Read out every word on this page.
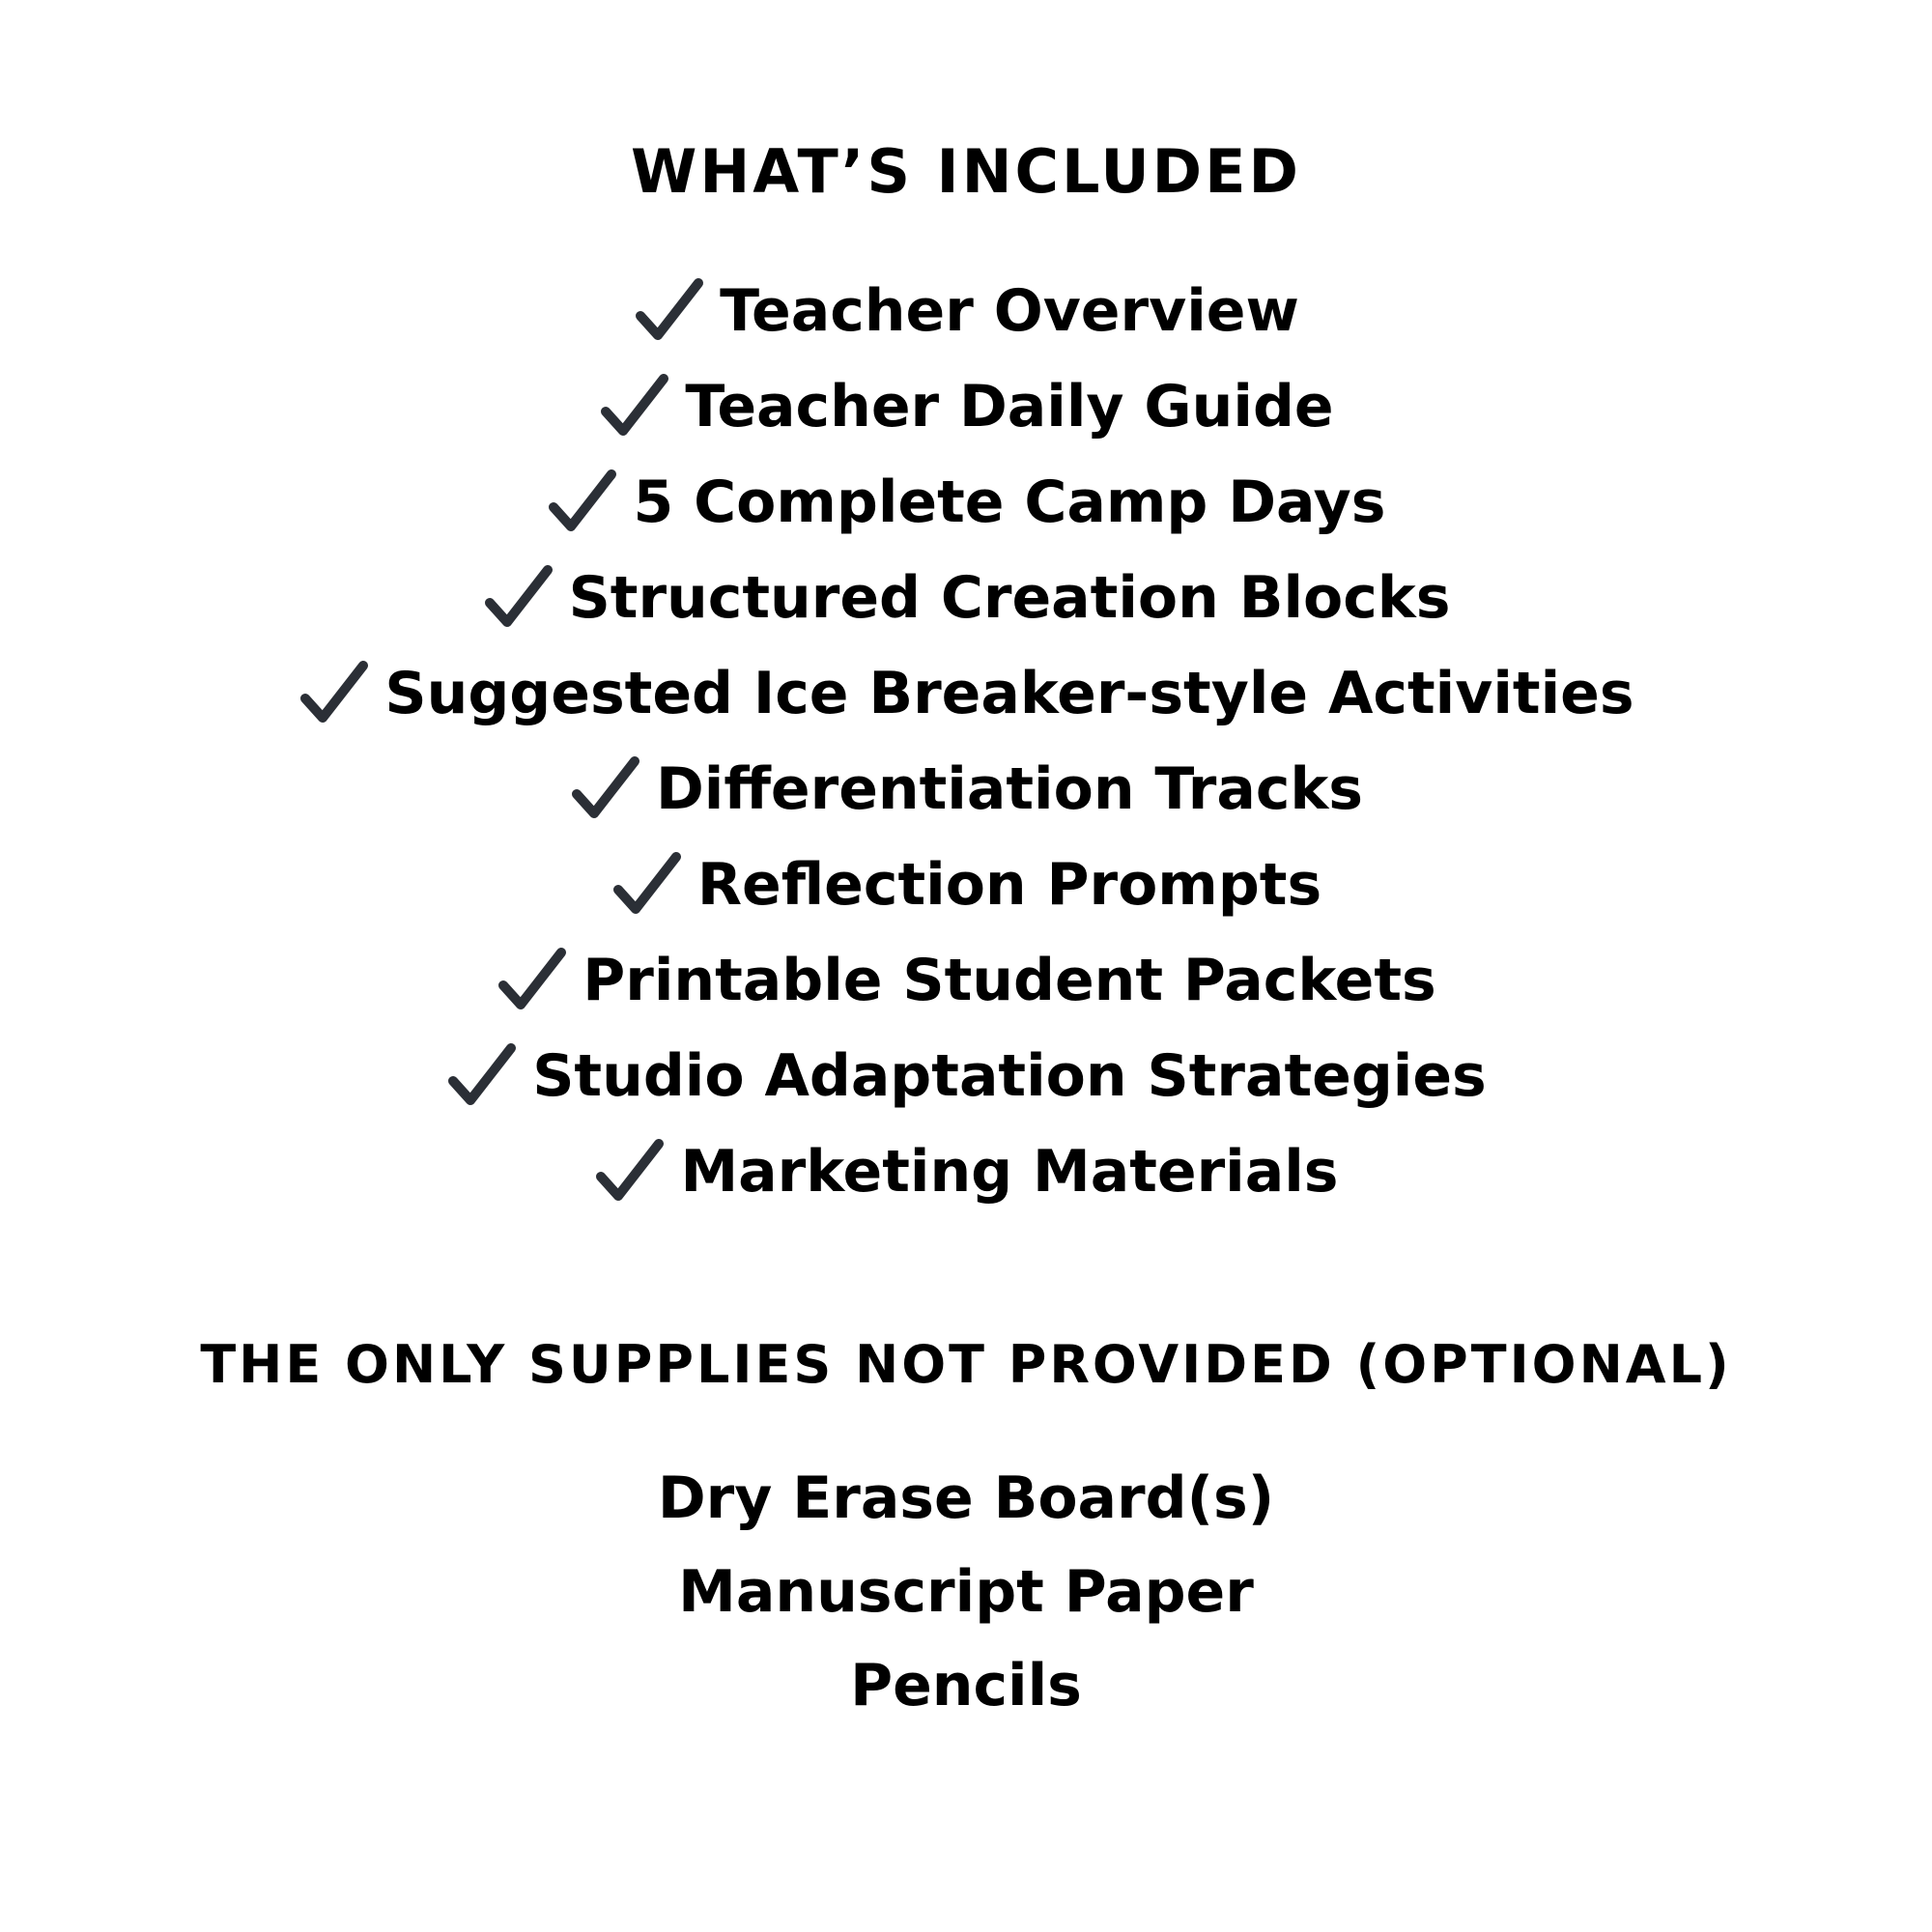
WHAT’S INCLUDED
Teacher Overview
Teacher Daily Guide
5 Complete Camp Days
Structured Creation Blocks
Suggested Ice Breaker-style Activities
Differentiation Tracks
Reflection Prompts
Printable Student Packets
Studio Adaptation Strategies
Marketing Materials
THE ONLY SUPPLIES NOT PROVIDED (OPTIONAL)
Dry Erase Board(s)
Manuscript Paper
Pencils
